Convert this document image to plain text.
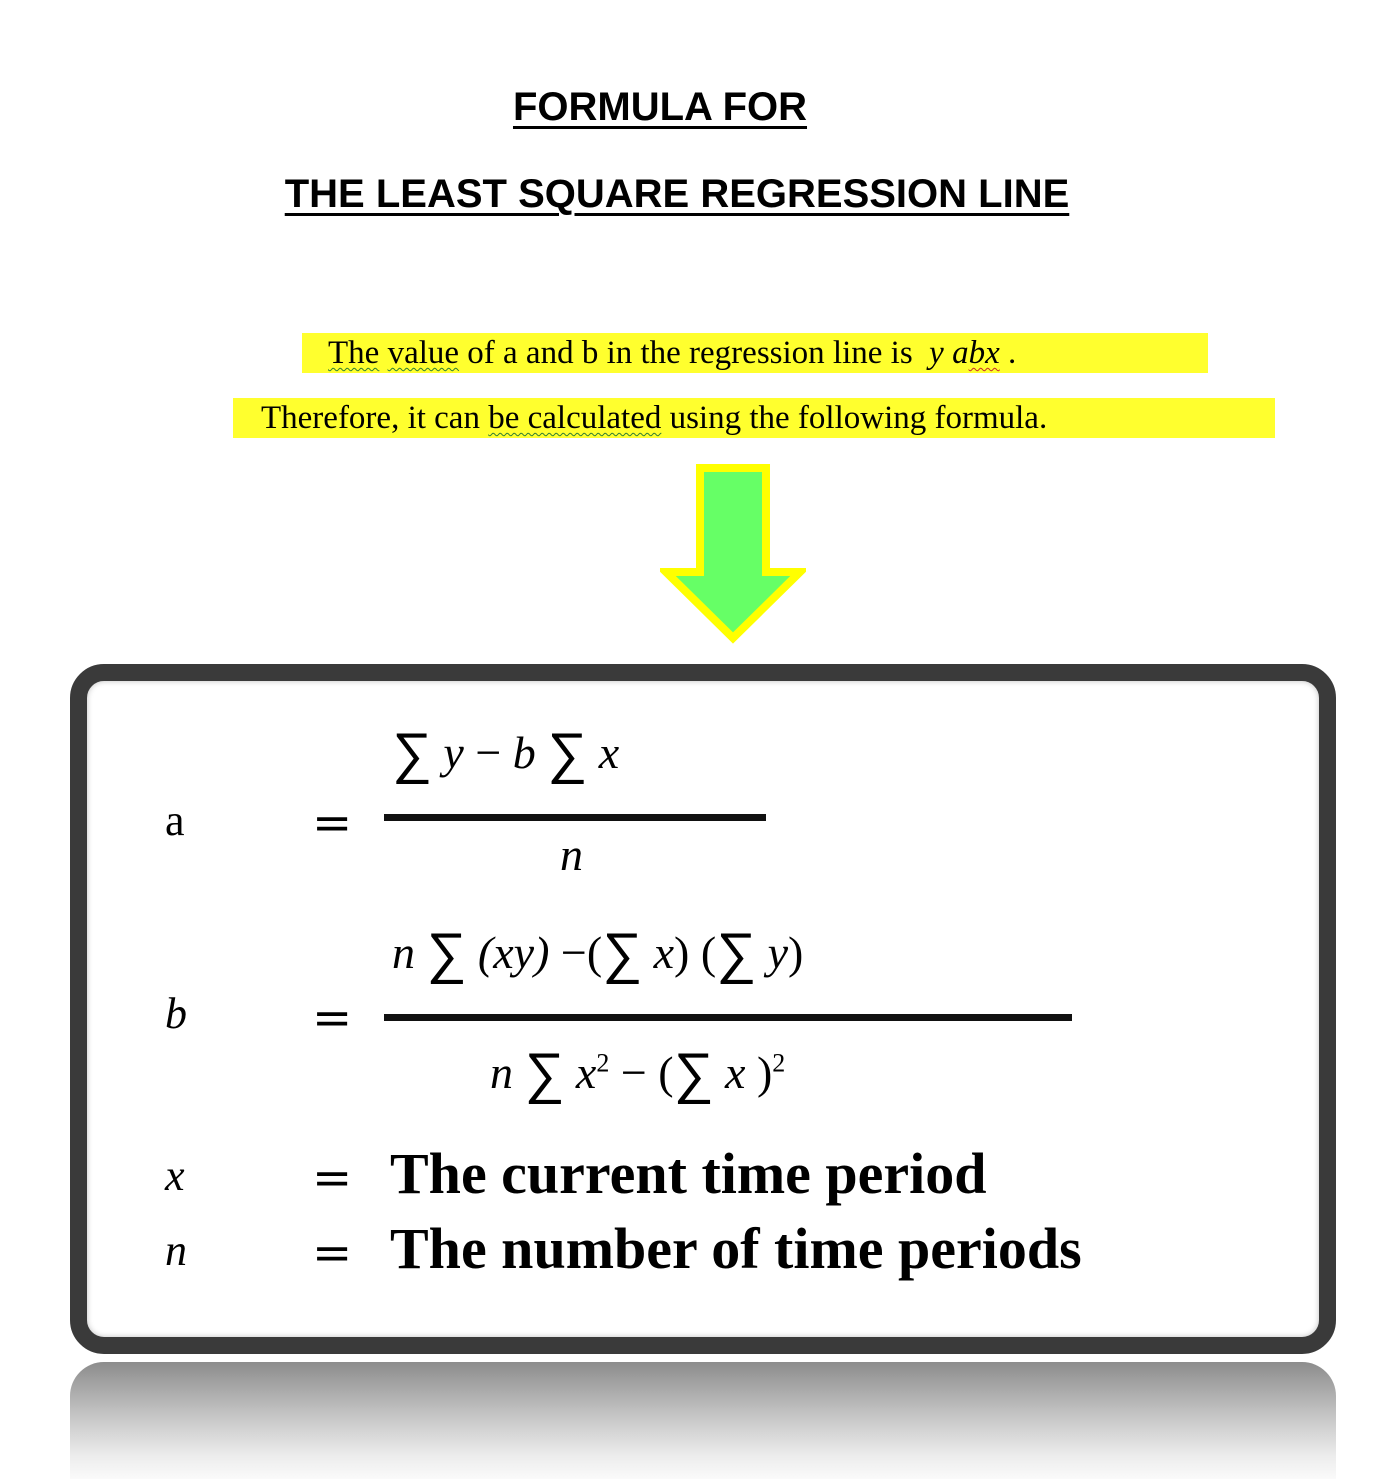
FORMULA FOR
THE LEAST SQUARE REGRESSION LINE
The value of a and b in the regression line is y abx .
Therefore, it can be calculated using the following formula.
a	=
∑ y − b ∑ x
n
b	=
n ∑ (xy) −(∑ x) (∑ y)
n ∑ $x^2$ − (∑ x )$^2$
x	= The current time period
n	= The number of time periods
